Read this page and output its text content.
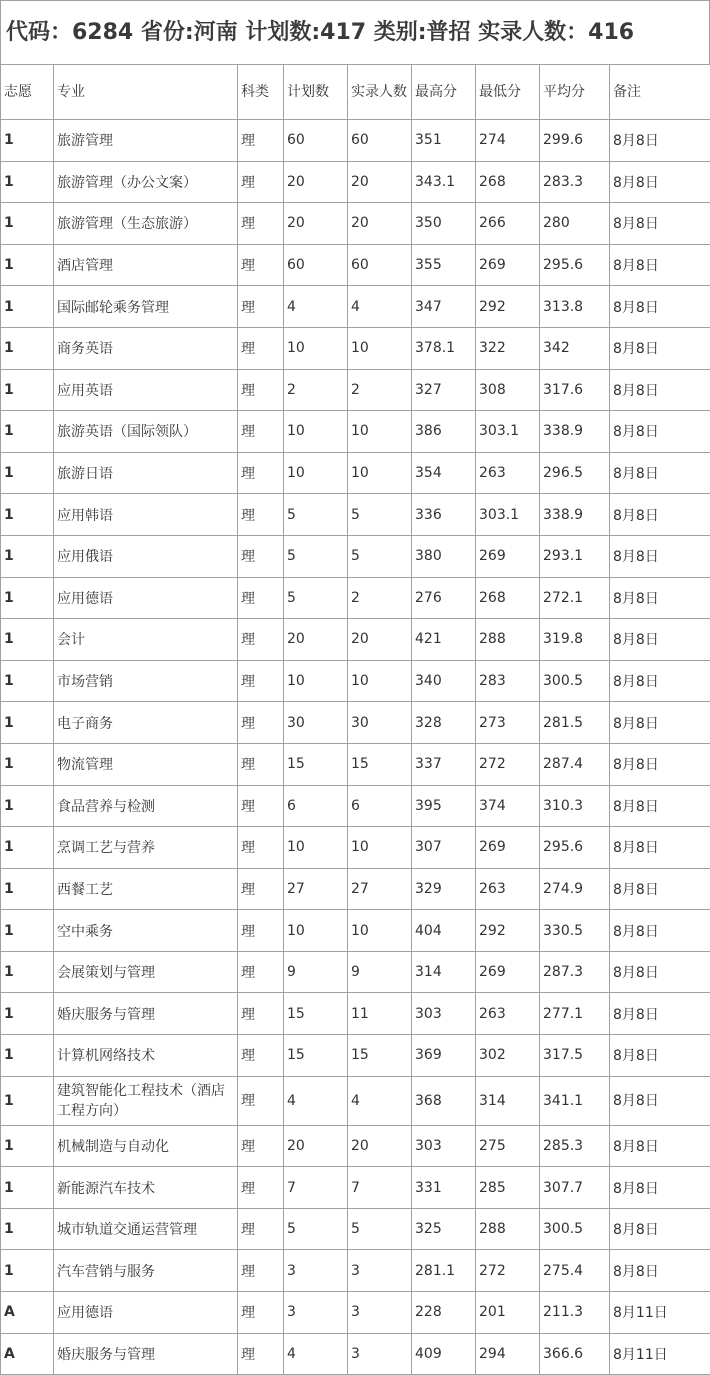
代码：6284 省份:河南 计划数:417 类别:普招 实录人数：416
志愿	专业	科类	计划数	实录人数	最高分	最低分	平均分	备注
1	旅游管理	理	60	60	351	274	299.6	8月8日
1	旅游管理（办公文案）	理	20	20	343.1	268	283.3	8月8日
1	旅游管理（生态旅游）	理	20	20	350	266	280	8月8日
1	酒店管理	理	60	60	355	269	295.6	8月8日
1	国际邮轮乘务管理	理	4	4	347	292	313.8	8月8日
1	商务英语	理	10	10	378.1	322	342	8月8日
1	应用英语	理	2	2	327	308	317.6	8月8日
1	旅游英语（国际领队）	理	10	10	386	303.1	338.9	8月8日
1	旅游日语	理	10	10	354	263	296.5	8月8日
1	应用韩语	理	5	5	336	303.1	338.9	8月8日
1	应用俄语	理	5	5	380	269	293.1	8月8日
1	应用德语	理	5	2	276	268	272.1	8月8日
1	会计	理	20	20	421	288	319.8	8月8日
1	市场营销	理	10	10	340	283	300.5	8月8日
1	电子商务	理	30	30	328	273	281.5	8月8日
1	物流管理	理	15	15	337	272	287.4	8月8日
1	食品营养与检测	理	6	6	395	374	310.3	8月8日
1	烹调工艺与营养	理	10	10	307	269	295.6	8月8日
1	西餐工艺	理	27	27	329	263	274.9	8月8日
1	空中乘务	理	10	10	404	292	330.5	8月8日
1	会展策划与管理	理	9	9	314	269	287.3	8月8日
1	婚庆服务与管理	理	15	11	303	263	277.1	8月8日
1	计算机网络技术	理	15	15	369	302	317.5	8月8日
1	建筑智能化工程技术（酒店工程方向）	理	4	4	368	314	341.1	8月8日
1	机械制造与自动化	理	20	20	303	275	285.3	8月8日
1	新能源汽车技术	理	7	7	331	285	307.7	8月8日
1	城市轨道交通运营管理	理	5	5	325	288	300.5	8月8日
1	汽车营销与服务	理	3	3	281.1	272	275.4	8月8日
A	应用德语	理	3	3	228	201	211.3	8月11日
A	婚庆服务与管理	理	4	3	409	294	366.6	8月11日
